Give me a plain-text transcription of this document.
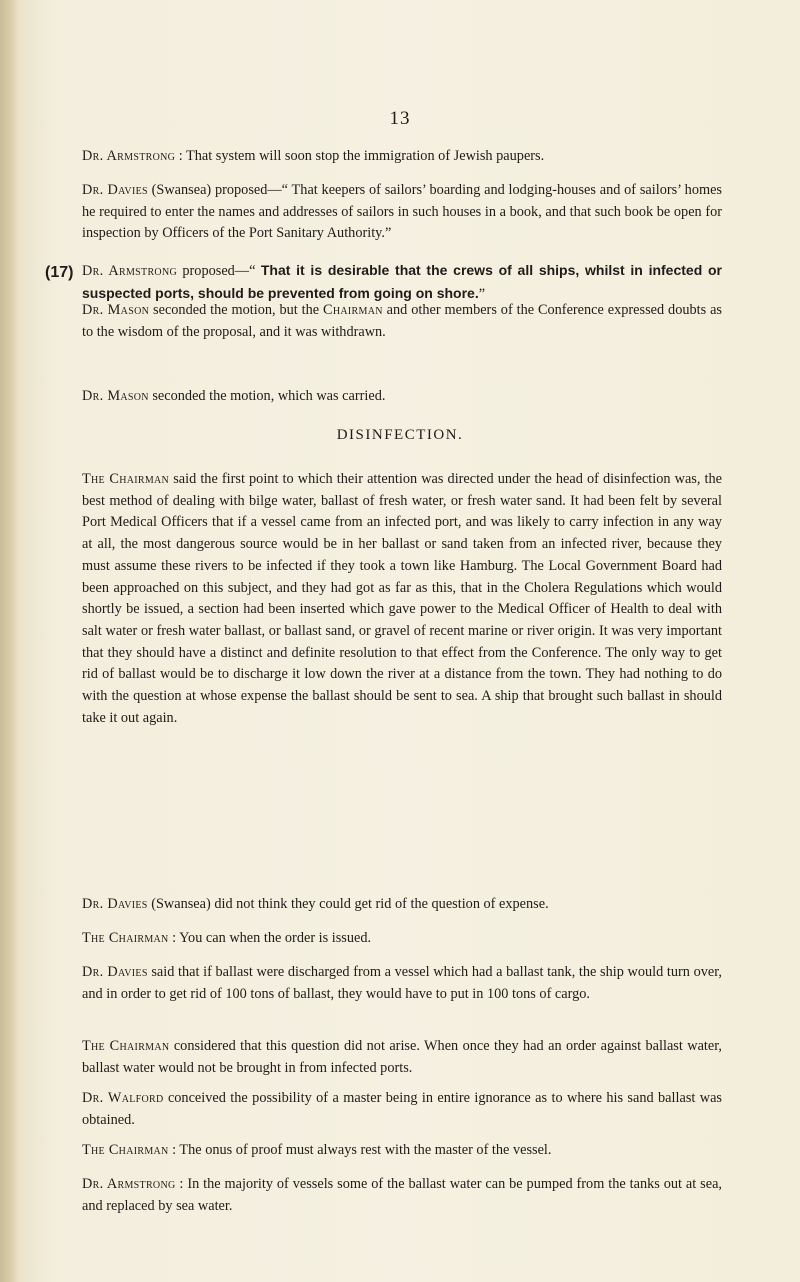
13
(17)

Dr. Armstrong : That system will soon stop the immigration of Jewish paupers.

Dr. Davies (Swansea) proposed—“ That keepers of sailors’ boarding and lodging-houses and of sailors’ homes he required to enter the names and addresses of sailors in such houses in a book, and that such book be open for inspection by Officers of the Port Sanitary Authority.”

Dr. Mason seconded the motion, but the Chairman and other members of the Conference expressed doubts as to the wisdom of the proposal, and it was withdrawn.

Dr. Armstrong proposed—“ That it is desirable that the crews of all ships, whilst in infected or suspected ports, should be prevented from going on shore.”

DISINFECTION.

The Chairman said the first point to which their attention was directed under the head of disinfection was, the best method of dealing with bilge water, ballast of fresh water, or fresh water sand. It had been felt by several Port Medical Officers that if a vessel came from an infected port, and was likely to carry infection in any way at all, the most dangerous source would be in her ballast or sand taken from an infected river, because they must assume these rivers to be infected if they took a town like Hamburg. The Local Government Board had been approached on this subject, and they had got as far as this, that in the Cholera Regulations which would shortly be issued, a section had been inserted which gave power to the Medical Officer of Health to deal with salt water or fresh water ballast, or ballast sand, or gravel of recent marine or river origin. It was very important that they should have a distinct and definite resolution to that effect from the Conference. The only way to get rid of ballast would be to discharge it low down the river at a distance from the town. They had nothing to do with the question at whose expense the ballast should be sent to sea. A ship that brought such ballast in should take it out again.

Dr. Davies (Swansea) did not think they could get rid of the question of expense.

The Chairman : You can when the order is issued.

Dr. Davies said that if ballast were discharged from a vessel which had a ballast tank, the ship would turn over, and in order to get rid of 100 tons of ballast, they would have to put in 100 tons of cargo.

The Chairman considered that this question did not arise. When once they had an order against ballast water, ballast water would not be brought in from infected ports.

Dr. Walford conceived the possibility of a master being in entire ignorance as to where his sand ballast was obtained.

The Chairman : The onus of proof must always rest with the master of the vessel.

Dr. Armstrong : In the majority of vessels some of the ballast water can be pumped from the tanks out at sea, and replaced by sea water.

Dr. Mason seconded the motion, which was carried.
